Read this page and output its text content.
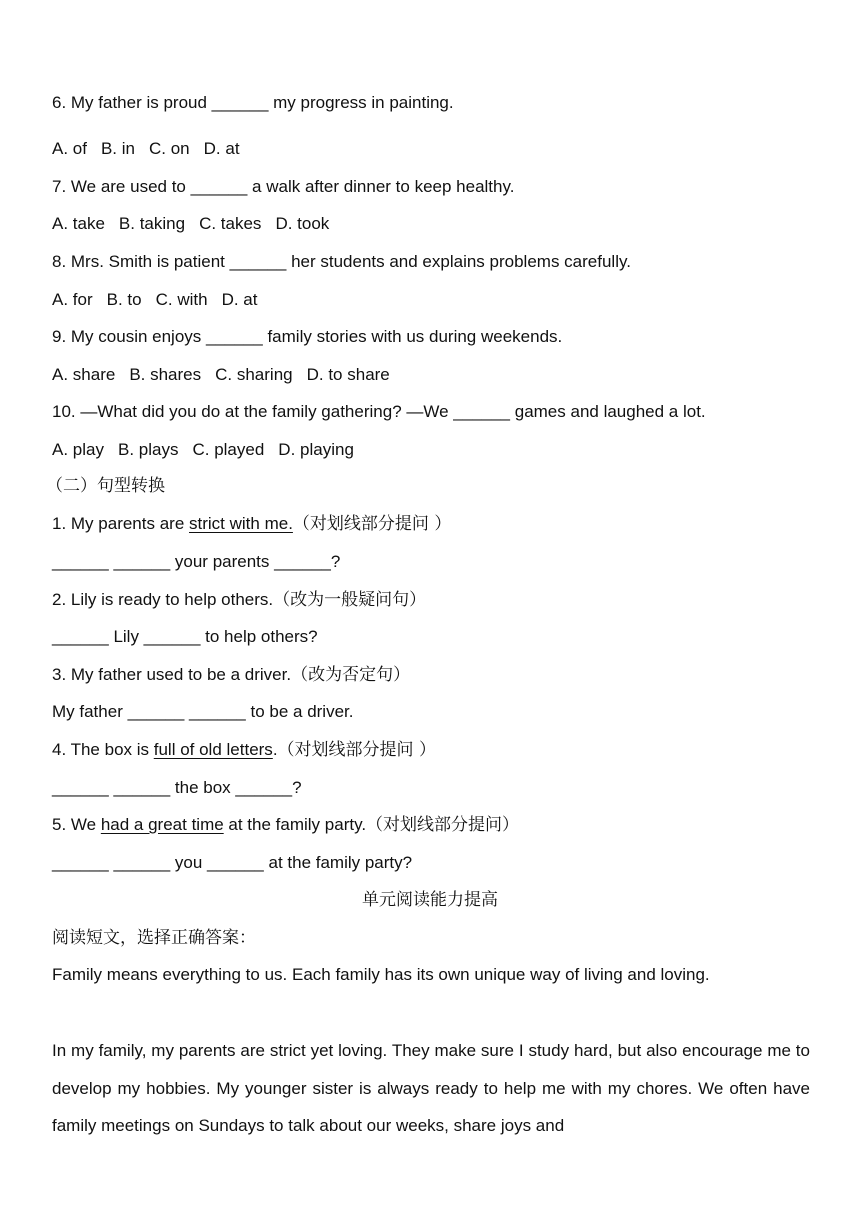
6. My father is proud ______ my progress in painting.
A. of B. in C. on D. at
7. We are used to ______ a walk after dinner to keep healthy.
A. take B. taking C. takes D. took
8. Mrs. Smith is patient ______ her students and explains problems carefully.
A. for B. to C. with D. at
9. My cousin enjoys ______ family stories with us during weekends.
A. share B. shares C. sharing D. to share
10. —What did you do at the family gathering? —We ______ games and laughed a lot.
A. play B. plays C. played D. playing
（二）句型转换
1. My parents are strict with me.（对划线部分提问 ）
______ ______ your parents ______?
2. Lily is ready to help others.（改为一般疑问句）
______ Lily ______ to help others?
3. My father used to be a driver.（改为否定句）
My father ______ ______ to be a driver.
4. The box is full of old letters.（对划线部分提问 ）
______ ______ the box ______?
5. We had a great time at the family party.（对划线部分提问）
______ ______ you ______ at the family party?
单元阅读能力提高
阅读短文，选择正确答案：
Family means everything to us. Each family has its own unique way of living and loving.
In my family, my parents are strict yet loving. They make sure I study hard, but also encourage me to develop my hobbies. My younger sister is always ready to help me with my chores. We often have family meetings on Sundays to talk about our weeks, share joys and
